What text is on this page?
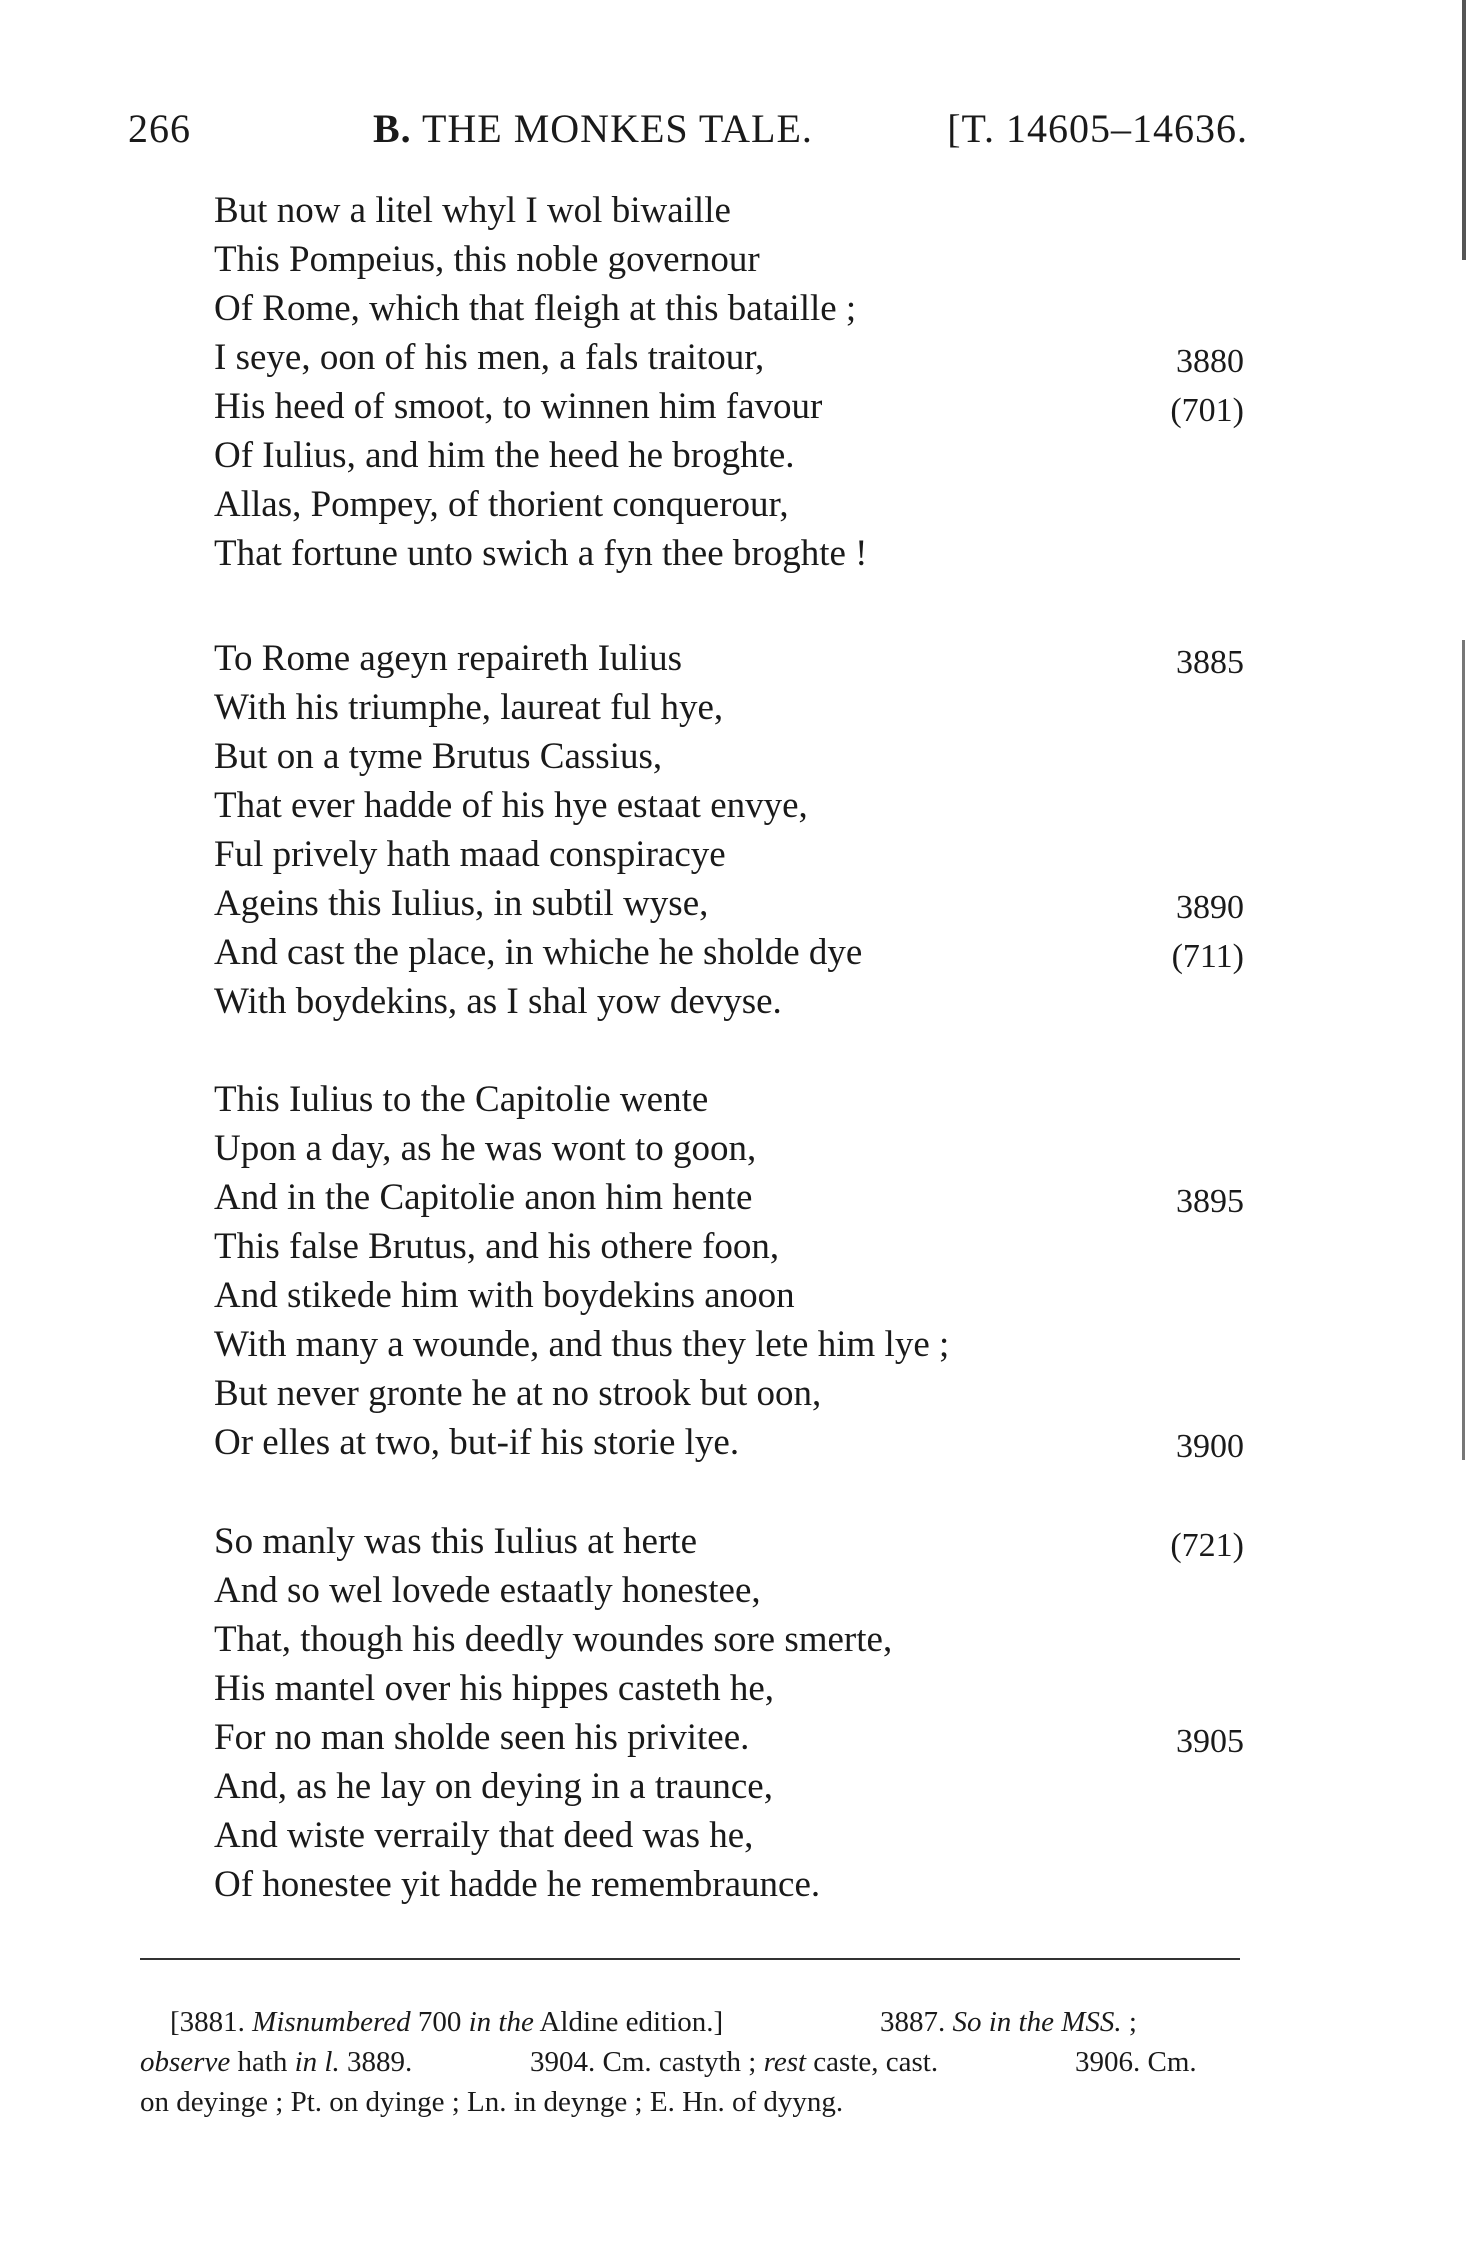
266	B. THE MONKES TALE.	[T. 14605–14636.
But now a litel whyl I wol biwaille
This Pompeius, this noble governour
Of Rome, which that fleigh at this bataille ;
I seye, oon of his men, a fals traitour,	3880
His heed of smoot, to winnen him favour	(701)
Of Iulius, and him the heed he broghte.
Allas, Pompey, of thorient conquerour,
That fortune unto swich a fyn thee broghte !
To Rome ageyn repaireth Iulius	3885
With his triumphe, laureat ful hye,
But on a tyme Brutus Cassius,
That ever hadde of his hye estaat envye,
Ful prively hath maad conspiracye
Ageins this Iulius, in subtil wyse,	3890
And cast the place, in whiche he sholde dye	(711)
With boydekins, as I shal yow devyse.
This Iulius to the Capitolie wente
Upon a day, as he was wont to goon,
And in the Capitolie anon him hente	3895
This false Brutus, and his othere foon,
And stikede him with boydekins anoon
With many a wounde, and thus they lete him lye ;
But never gronte he at no strook but oon,
Or elles at two, but-if his storie lye.	3900
So manly was this Iulius at herte	(721)
And so wel lovede estaatly honestee,
That, though his deedly woundes sore smerte,
His mantel over his hippes casteth he,
For no man sholde seen his privitee.	3905
And, as he lay on deying in a traunce,
And wiste verraily that deed was he,
Of honestee yit hadde he remembraunce.
[3881. Misnumbered 700 in the Aldine edition.]	3887. So in the MSS. ;
observe hath in l. 3889.	3904. Cm. castyth ; rest caste, cast.	3906. Cm.
on deyinge ; Pt. on dyinge ; Ln. in deynge ; E. Hn. of dyyng.
